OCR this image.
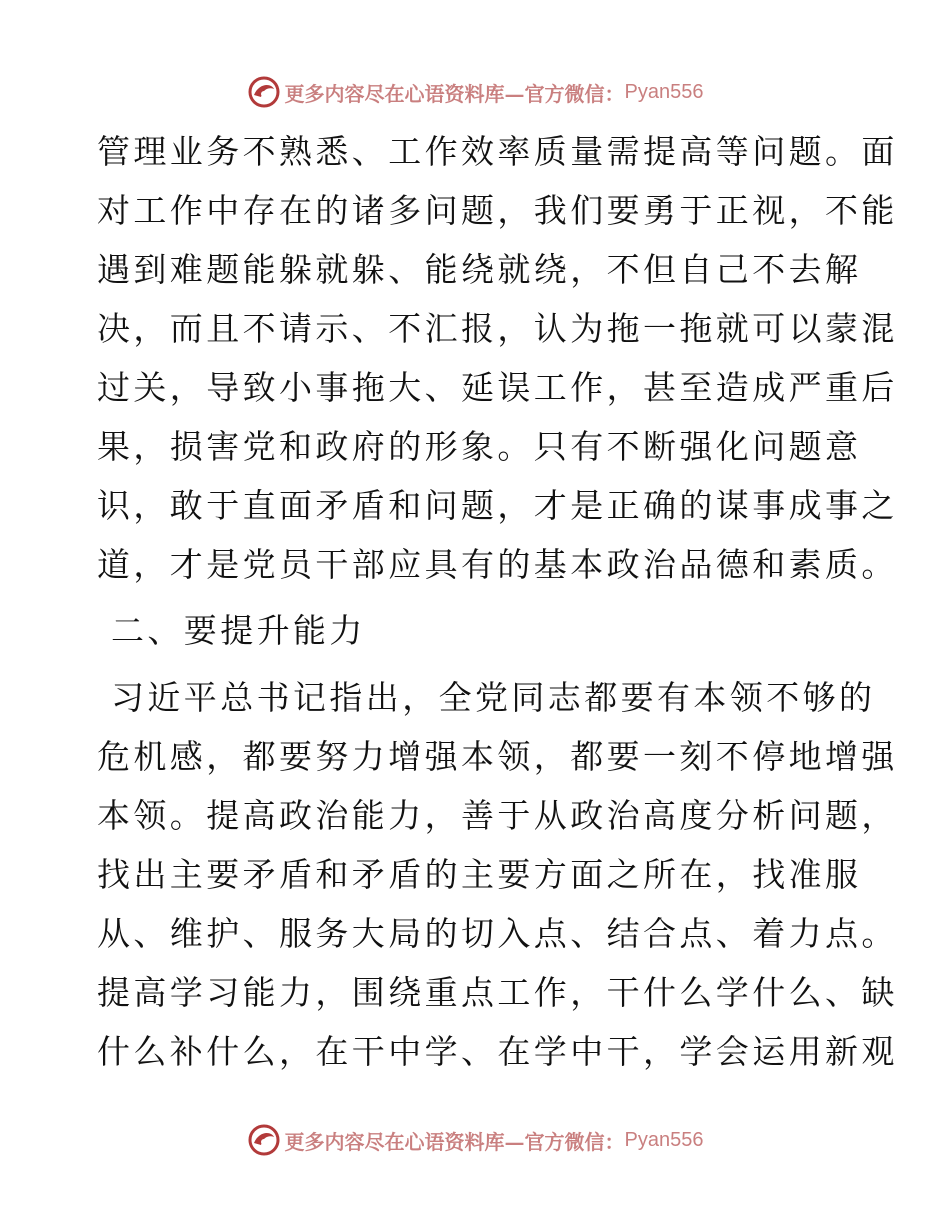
更多内容尽在心语资料库—官方微信： Pyan556
管理业务不熟悉、工作效率质量需提高等问题。面
对工作中存在的诸多问题，我们要勇于正视，不能
遇到难题能躲就躲、能绕就绕，不但自己不去解
决，而且不请示、不汇报，认为拖一拖就可以蒙混
过关，导致小事拖大、延误工作，甚至造成严重后
果，损害党和政府的形象。只有不断强化问题意
识，敢于直面矛盾和问题，才是正确的谋事成事之
道，才是党员干部应具有的基本政治品德和素质。
二、要提升能力
习近平总书记指出，全党同志都要有本领不够的
危机感，都要努力增强本领，都要一刻不停地增强
本领。提高政治能力，善于从政治高度分析问题，
找出主要矛盾和矛盾的主要方面之所在，找准服
从、维护、服务大局的切入点、结合点、着力点。
提高学习能力，围绕重点工作，干什么学什么、缺
什么补什么，在干中学、在学中干，学会运用新观
更多内容尽在心语资料库—官方微信： Pyan556
